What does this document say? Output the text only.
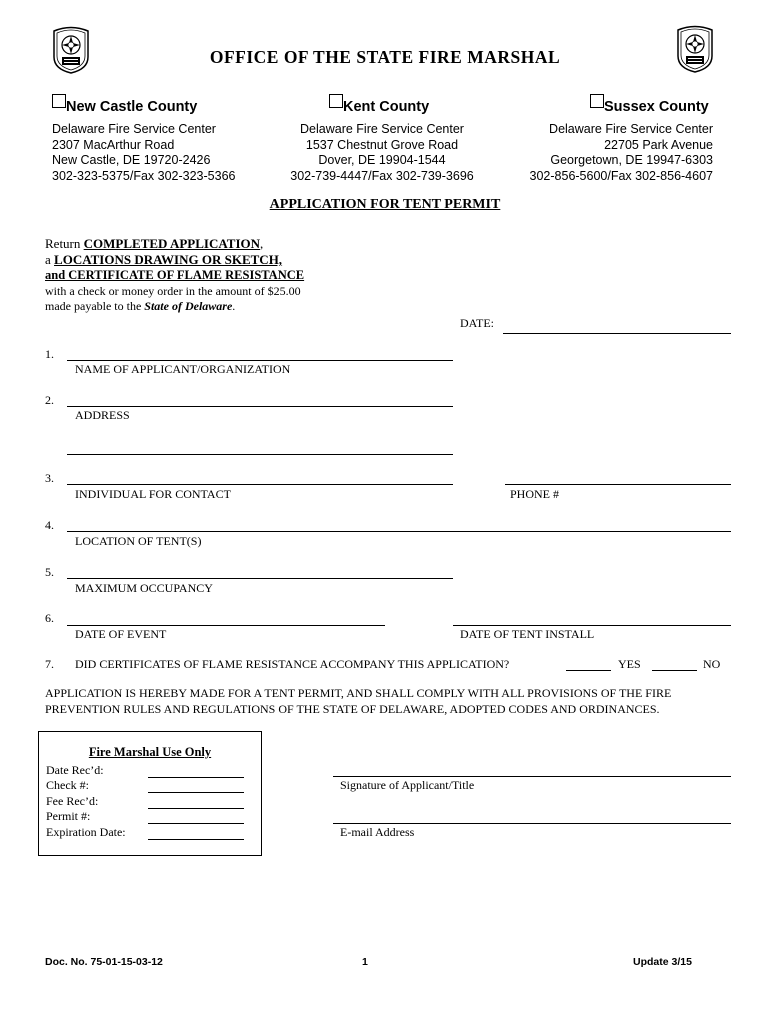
OFFICE OF THE STATE FIRE MARSHAL
New Castle County	Kent County	Sussex County
Delaware Fire Service Center
2307 MacArthur Road
New Castle, DE 19720-2426
302-323-5375/Fax 302-323-5366
Delaware Fire Service Center
1537 Chestnut Grove Road
Dover, DE 19904-1544
302-739-4447/Fax 302-739-3696
Delaware Fire Service Center
22705 Park Avenue
Georgetown, DE 19947-6303
302-856-5600/Fax 302-856-4607
APPLICATION FOR TENT PERMIT
Return COMPLETED APPLICATION,
a LOCATIONS DRAWING OR SKETCH,
and CERTIFICATE OF FLAME RESISTANCE
with a check or money order in the amount of $25.00
made payable to the State of Delaware.
DATE:
1.
NAME OF APPLICANT/ORGANIZATION
2.
ADDRESS
3.
INDIVIDUAL FOR CONTACT	PHONE #
4.
LOCATION OF TENT(S)
5.
MAXIMUM OCCUPANCY
6.
DATE OF EVENT	DATE OF TENT INSTALL
7. DID CERTIFICATES OF FLAME RESISTANCE ACCOMPANY THIS APPLICATION?	YES	NO
APPLICATION IS HEREBY MADE FOR A TENT PERMIT, AND SHALL COMPLY WITH ALL PROVISIONS OF THE FIRE
PREVENTION RULES AND REGULATIONS OF THE STATE OF DELAWARE, ADOPTED CODES AND ORDINANCES.
Fire Marshal Use Only
Date Rec’d:
Check #:
Fee Rec’d:
Permit #:
Expiration Date:
Signature of Applicant/Title
E-mail Address
Doc. No. 75-01-15-03-12	1	Update 3/15
